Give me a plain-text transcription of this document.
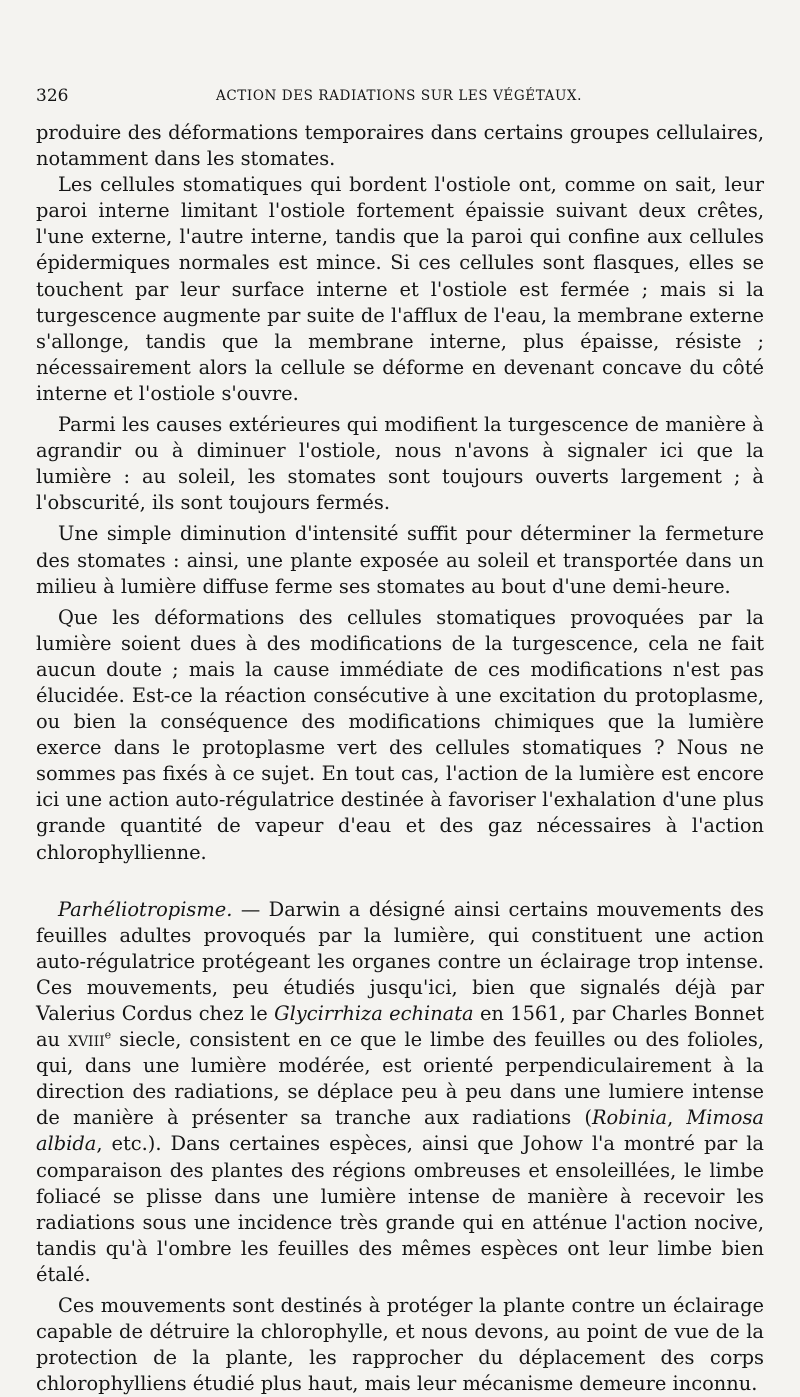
326	ACTION DES RADIATIONS SUR LES VÉGÉTAUX.

produire des déformations temporaires dans certains groupes cellulaires, notamment dans les stomates.

Les cellules stomatiques qui bordent l'ostiole ont, comme on sait, leur paroi interne limitant l'ostiole fortement épaissie suivant deux crêtes, l'une externe, l'autre interne, tandis que la paroi qui confine aux cellules épidermiques normales est mince. Si ces cellules sont flasques, elles se touchent par leur surface interne et l'ostiole est fermée ; mais si la turgescence augmente par suite de l'afflux de l'eau, la membrane externe s'allonge, tandis que la membrane interne, plus épaisse, résiste ; nécessairement alors la cellule se déforme en devenant concave du côté interne et l'ostiole s'ouvre.

Parmi les causes extérieures qui modifient la turgescence de manière à agrandir ou à diminuer l'ostiole, nous n'avons à signaler ici que la lumière : au soleil, les stomates sont toujours ouverts largement ; à l'obscurité, ils sont toujours fermés.

Une simple diminution d'intensité suffit pour déterminer la fermeture des stomates : ainsi, une plante exposée au soleil et transportée dans un milieu à lumière diffuse ferme ses stomates au bout d'une demi-heure.

Que les déformations des cellules stomatiques provoquées par la lumière soient dues à des modifications de la turgescence, cela ne fait aucun doute ; mais la cause immédiate de ces modifications n'est pas élucidée. Est-ce la réaction consécutive à une excitation du protoplasme, ou bien la conséquence des modifications chimiques que la lumière exerce dans le protoplasme vert des cellules stomatiques ? Nous ne sommes pas fixés à ce sujet. En tout cas, l'action de la lumière est encore ici une action auto-régulatrice destinée à favoriser l'exhalation d'une plus grande quantité de vapeur d'eau et des gaz nécessaires à l'action chlorophyllienne.

Parhéliotropisme. — Darwin a désigné ainsi certains mouvements des feuilles adultes provoqués par la lumière, qui constituent une action auto-régulatrice protégeant les organes contre un éclairage trop intense. Ces mouvements, peu étudiés jusqu'ici, bien que signalés déjà par Valerius Cordus chez le Glycirrhiza echinata en 1561, par Charles Bonnet au xviii$^e$ siecle, consistent en ce que le limbe des feuilles ou des folioles, qui, dans une lumière modérée, est orienté perpendiculairement à la direction des radiations, se déplace peu à peu dans une lumiere intense de manière à présenter sa tranche aux radiations (Robinia, Mimosa albida, etc.). Dans certaines espèces, ainsi que Johow l'a montré par la comparaison des plantes des régions ombreuses et ensoleillées, le limbe foliacé se plisse dans une lumière intense de manière à recevoir les radiations sous une incidence très grande qui en atténue l'action nocive, tandis qu'à l'ombre les feuilles des mêmes espèces ont leur limbe bien étalé.

Ces mouvements sont destinés à protéger la plante contre un éclairage capable de détruire la chlorophylle, et nous devons, au point de vue de la protection de la plante, les rapprocher du déplacement des corps chlorophylliens étudié plus haut, mais leur mécanisme demeure inconnu.
